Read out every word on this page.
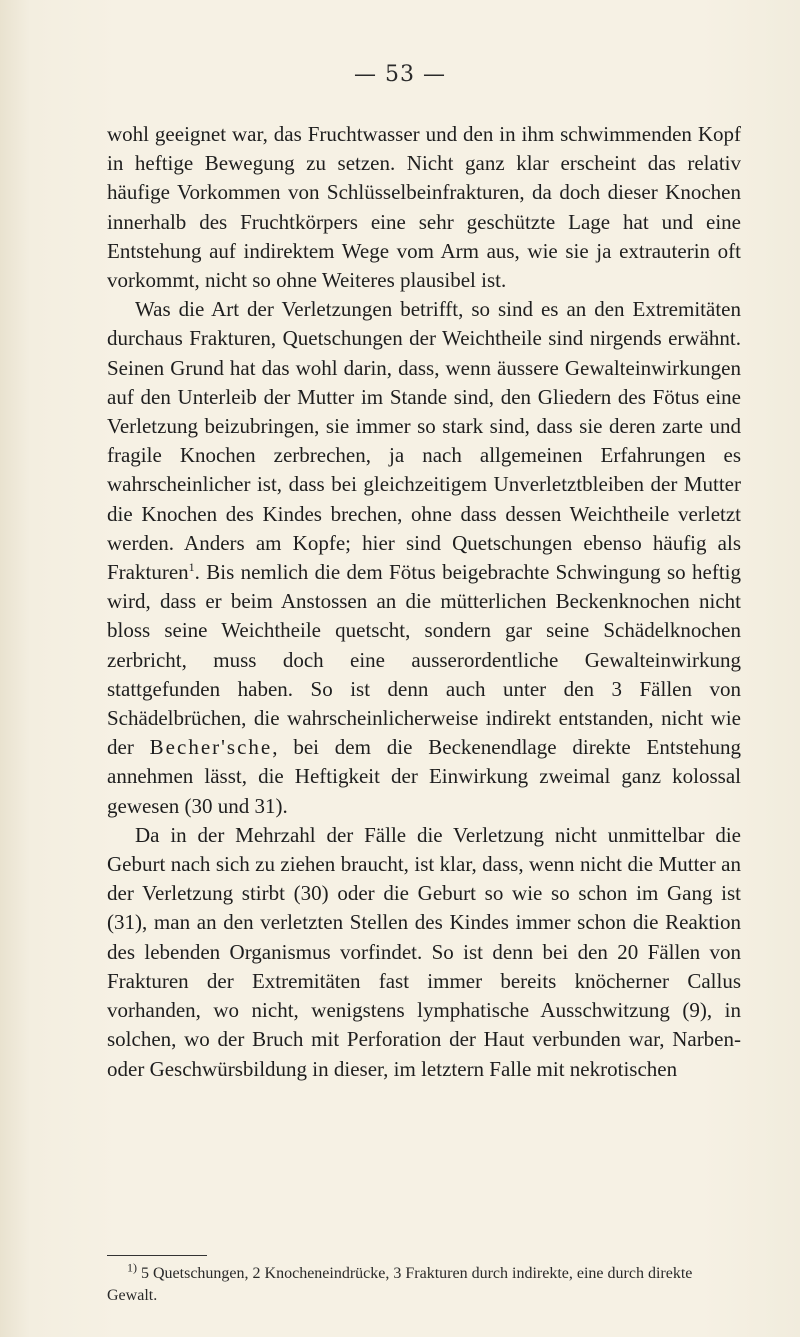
— 53 —

wohl geeignet war, das Fruchtwasser und den in ihm schwimmenden Kopf in heftige Bewegung zu setzen. Nicht ganz klar erscheint das relativ häufige Vorkommen von Schlüsselbeinfrakturen, da doch dieser Knochen innerhalb des Fruchtkörpers eine sehr geschützte Lage hat und eine Entstehung auf indirektem Wege vom Arm aus, wie sie ja extrauterin oft vorkommt, nicht so ohne Weiteres plausibel ist.

Was die Art der Verletzungen betrifft, so sind es an den Extremitäten durchaus Frakturen, Quetschungen der Weichtheile sind nirgends erwähnt. Seinen Grund hat das wohl darin, dass, wenn äussere Gewalteinwirkungen auf den Unterleib der Mutter im Stande sind, den Gliedern des Fötus eine Verletzung beizubringen, sie immer so stark sind, dass sie deren zarte und fragile Knochen zerbrechen, ja nach allgemeinen Erfahrungen es wahrscheinlicher ist, dass bei gleichzeitigem Unverletztbleiben der Mutter die Knochen des Kindes brechen, ohne dass dessen Weichtheile verletzt werden. Anders am Kopfe; hier sind Quetschungen ebenso häufig als Frakturen$^1$. Bis nemlich die dem Fötus beigebrachte Schwingung so heftig wird, dass er beim Anstossen an die mütterlichen Beckenknochen nicht bloss seine Weichtheile quetscht, sondern gar seine Schädelknochen zerbricht, muss doch eine ausserordentliche Gewalteinwirkung stattgefunden haben. So ist denn auch unter den 3 Fällen von Schädelbrüchen, die wahrscheinlicherweise indirekt entstanden, nicht wie der Becher'sche, bei dem die Beckenendlage direkte Entstehung annehmen lässt, die Heftigkeit der Einwirkung zweimal ganz kolossal gewesen (30 und 31).

Da in der Mehrzahl der Fälle die Verletzung nicht unmittelbar die Geburt nach sich zu ziehen braucht, ist klar, dass, wenn nicht die Mutter an der Verletzung stirbt (30) oder die Geburt so wie so schon im Gang ist (31), man an den verletzten Stellen des Kindes immer schon die Reaktion des lebenden Organismus vorfindet. So ist denn bei den 20 Fällen von Frakturen der Extremitäten fast immer bereits knöcherner Callus vorhanden, wo nicht, wenigstens lymphatische Ausschwitzung (9), in solchen, wo der Bruch mit Perforation der Haut verbunden war, Narben- oder Geschwürsbildung in dieser, im letztern Falle mit nekrotischen

$^{1)}$ 5 Quetschungen, 2 Knocheneindrücke, 3 Frakturen durch indirekte, eine durch direkte Gewalt.
